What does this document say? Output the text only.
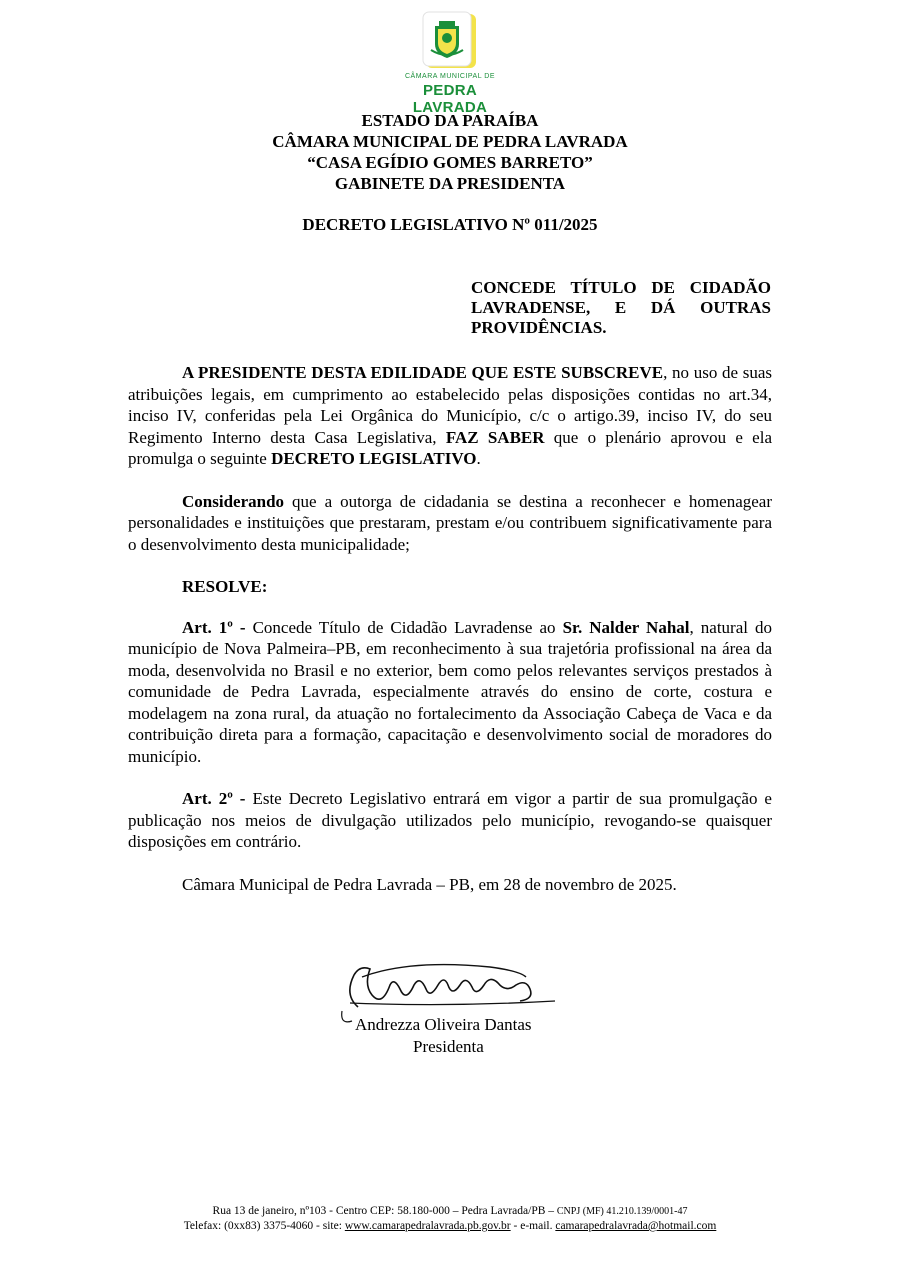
CÂMARA MUNICIPAL DE
PEDRA LAVRADA
ESTADO DA PARAÍBA
CÂMARA MUNICIPAL DE PEDRA LAVRADA
“CASA EGÍDIO GOMES BARRETO”
GABINETE DA PRESIDENTA
DECRETO LEGISLATIVO Nº 011/2025
CONCEDE TÍTULO DE CIDADÃO LAVRADENSE, E DÁ OUTRAS PROVIDÊNCIAS.

A PRESIDENTE DESTA EDILIDADE QUE ESTE SUBSCREVE, no uso de suas atribuições legais, em cumprimento ao estabelecido pelas disposições contidas no art.34, inciso IV, conferidas pela Lei Orgânica do Município, c/c o artigo.39, inciso IV, do seu Regimento Interno desta Casa Legislativa, FAZ SABER que o plenário aprovou e ela promulga o seguinte DECRETO LEGISLATIVO.

Considerando que a outorga de cidadania se destina a reconhecer e homenagear personalidades e instituições que prestaram, prestam e/ou contribuem significativamente para o desenvolvimento desta municipalidade;

RESOLVE:

Art. 1º - Concede Título de Cidadão Lavradense ao Sr. Nalder Nahal, natural do município de Nova Palmeira–PB, em reconhecimento à sua trajetória profissional na área da moda, desenvolvida no Brasil e no exterior, bem como pelos relevantes serviços prestados à comunidade de Pedra Lavrada, especialmente através do ensino de corte, costura e modelagem na zona rural, da atuação no fortalecimento da Associação Cabeça de Vaca e da contribuição direta para a formação, capacitação e desenvolvimento social de moradores do município.

Art. 2º - Este Decreto Legislativo entrará em vigor a partir de sua promulgação e publicação nos meios de divulgação utilizados pelo município, revogando-se quaisquer disposições em contrário.

Câmara Municipal de Pedra Lavrada – PB, em 28 de novembro de 2025.

Andrezza Oliveira Dantas
Presidenta
Rua 13 de janeiro, nº103 - Centro CEP: 58.180-000 – Pedra Lavrada/PB – CNPJ (MF) 41.210.139/0001-47
Telefax: (0xx83) 3375-4060 - site: www.camarapedralavrada.pb.gov.br - e-mail. camarapedralavrada@hotmail.com
